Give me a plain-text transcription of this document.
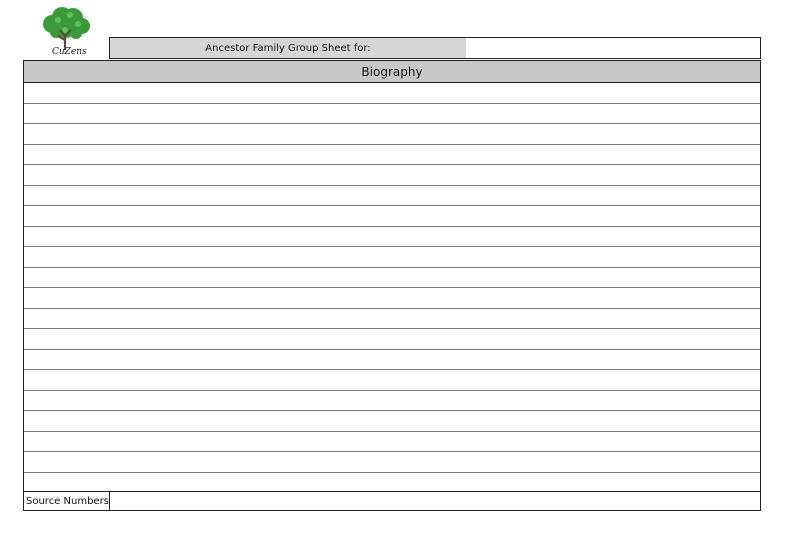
CuZens	Ancestor Family Group Sheet for:
Biography
Source Numbers
